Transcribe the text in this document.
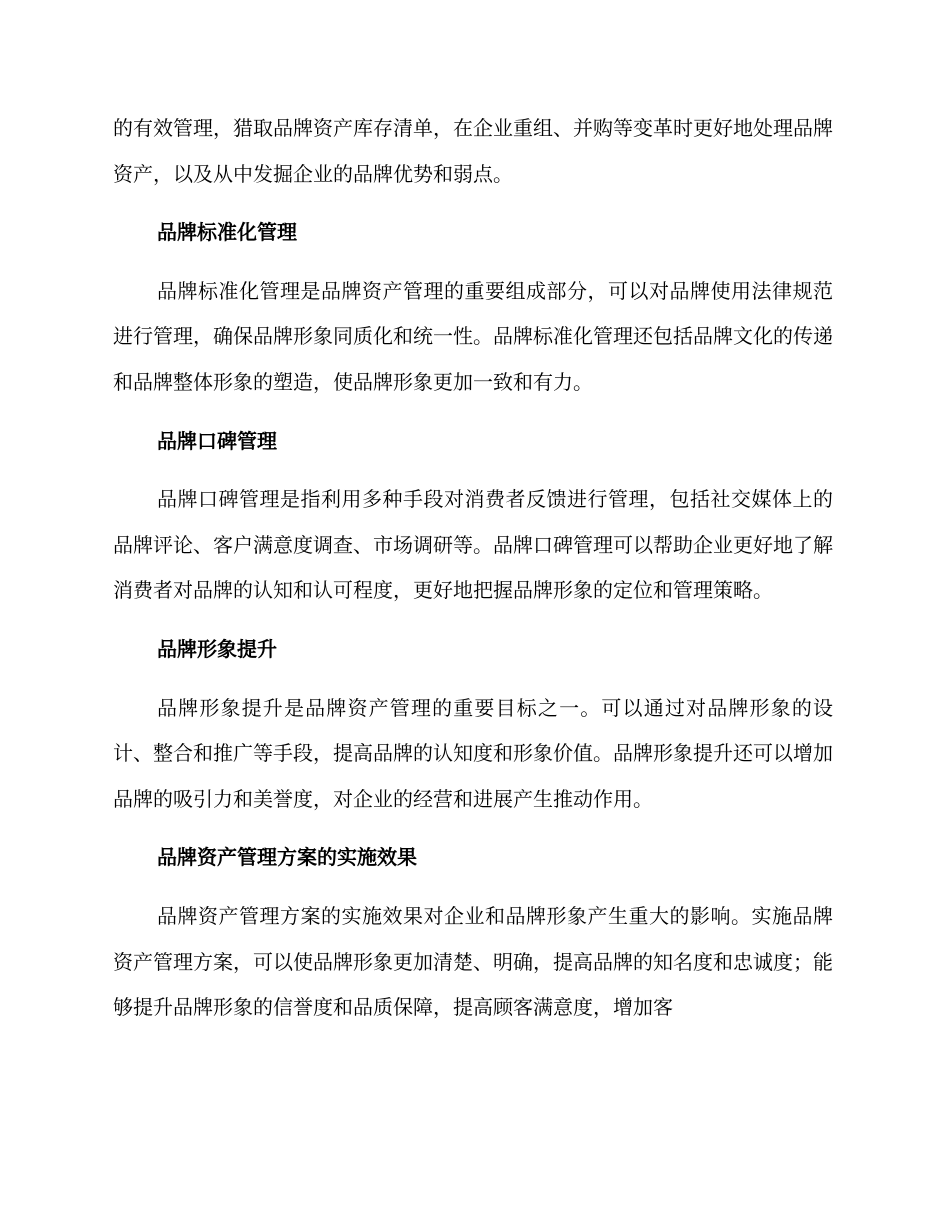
的有效管理，猎取品牌资产库存清单，在企业重组、并购等变革时更好地处理品牌资产，以及从中发掘企业的品牌优势和弱点。

品牌标准化管理

品牌标准化管理是品牌资产管理的重要组成部分，可以对品牌使用法律规范进行管理，确保品牌形象同质化和统一性。品牌标准化管理还包括品牌文化的传递和品牌整体形象的塑造，使品牌形象更加一致和有力。

品牌口碑管理

品牌口碑管理是指利用多种手段对消费者反馈进行管理，包括社交媒体上的品牌评论、客户满意度调查、市场调研等。品牌口碑管理可以帮助企业更好地了解消费者对品牌的认知和认可程度，更好地把握品牌形象的定位和管理策略。

品牌形象提升

品牌形象提升是品牌资产管理的重要目标之一。可以通过对品牌形象的设计、整合和推广等手段，提高品牌的认知度和形象价值。品牌形象提升还可以增加品牌的吸引力和美誉度，对企业的经营和进展产生推动作用。

品牌资产管理方案的实施效果

品牌资产管理方案的实施效果对企业和品牌形象产生重大的影响。实施品牌资产管理方案，可以使品牌形象更加清楚、明确，提高品牌的知名度和忠诚度；能够提升品牌形象的信誉度和品质保障，提高顾客满意度，增加客
